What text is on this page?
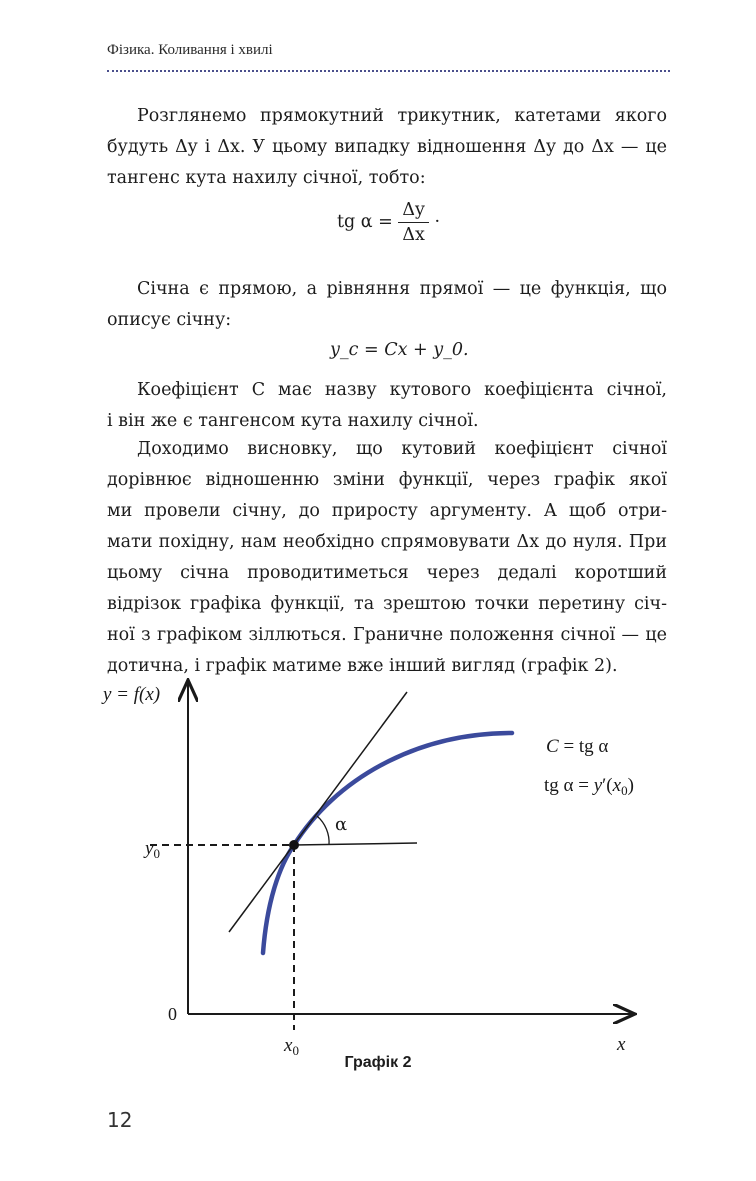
Фізика. Коливання і хвилі
Розглянемо прямокутний трикутник, катетами якого
будуть Δy і Δx. У цьому випадку відношення Δy до Δx — це
тангенс кута нахилу січної, тобто:
tg $\alpha = \frac{\Delta y}{\Delta x}$ ·
Січна є прямою, а рівняння прямої — це функція, що
описує січну:
y_c = Cx + y_0.
Коефіцієнт C має назву кутового коефіцієнта січної,
і він же є тангенсом кута нахилу січної.
Доходимо висновку, що кутовий коефіцієнт січної
дорівнює відношенню зміни функції, через графік якої
ми провели січну, до приросту аргументу. А щоб отри-
мати похідну, нам необхідно спрямовувати Δx до нуля. При
цьому січна проводитиметься через дедалі коротший
відрізок графіка функції, та зрештою точки перетину січ-
ної з графіком зіллються. Граничне положення січної — це
дотична, і графік матиме вже інший вигляд (графік 2).
y = f(x)
0
x
α
$x_0$
$y_0$
C = tg α
tg $\alpha = y'(x_0)$
Графік 2
12
